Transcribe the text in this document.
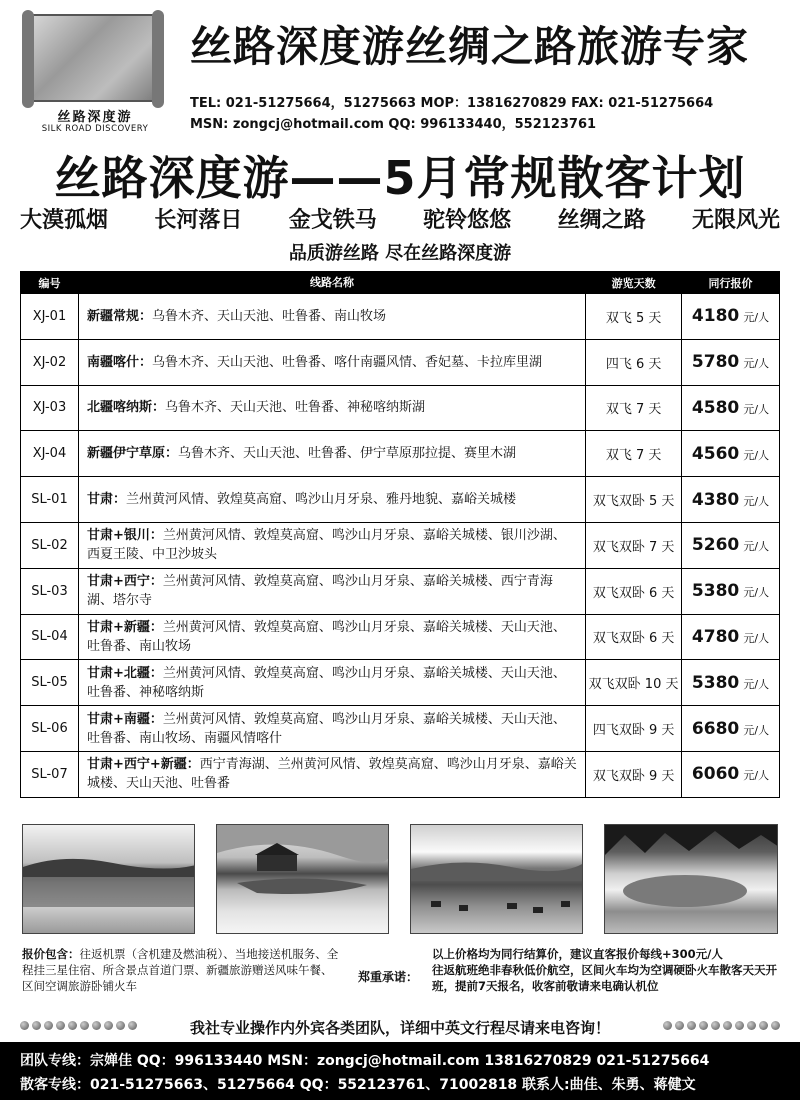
丝路深度游
SILK ROAD DISCOVERY
丝路深度游丝绸之路旅游专家
TEL: 021-51275664，51275663 MOP：13816270829 FAX: 021-51275664
MSN: zongcj@hotmail.com QQ: 996133440，552123761
丝路深度游——5月常规散客计划
大漠孤烟 长河落日 金戈铁马 驼铃悠悠 丝绸之路 无限风光
品质游丝路 尽在丝路深度游
编号	线路名称	游览天数	同行报价
XJ-01	新疆常规：乌鲁木齐、天山天池、吐鲁番、南山牧场	双飞 5 天	4180 元/人
XJ-02	南疆喀什：乌鲁木齐、天山天池、吐鲁番、喀什南疆风情、香妃墓、卡拉库里湖	四飞 6 天	5780 元/人
XJ-03	北疆喀纳斯：乌鲁木齐、天山天池、吐鲁番、神秘喀纳斯湖	双飞 7 天	4580 元/人
XJ-04	新疆伊宁草原：乌鲁木齐、天山天池、吐鲁番、伊宁草原那拉提、赛里木湖	双飞 7 天	4560 元/人
SL-01	甘肃：兰州黄河风情、敦煌莫高窟、鸣沙山月牙泉、雅丹地貌、嘉峪关城楼	双飞双卧 5 天	4380 元/人
SL-02	甘肃+银川：兰州黄河风情、敦煌莫高窟、鸣沙山月牙泉、嘉峪关城楼、银川沙湖、西夏王陵、中卫沙坡头	双飞双卧 7 天	5260 元/人
SL-03	甘肃+西宁：兰州黄河风情、敦煌莫高窟、鸣沙山月牙泉、嘉峪关城楼、西宁青海湖、塔尔寺	双飞双卧 6 天	5380 元/人
SL-04	甘肃+新疆：兰州黄河风情、敦煌莫高窟、鸣沙山月牙泉、嘉峪关城楼、天山天池、吐鲁番、南山牧场	双飞双卧 6 天	4780 元/人
SL-05	甘肃+北疆：兰州黄河风情、敦煌莫高窟、鸣沙山月牙泉、嘉峪关城楼、天山天池、吐鲁番、神秘喀纳斯	双飞双卧 10 天	5380 元/人
SL-06	甘肃+南疆：兰州黄河风情、敦煌莫高窟、鸣沙山月牙泉、嘉峪关城楼、天山天池、吐鲁番、南山牧场、南疆风情喀什	四飞双卧 9 天	6680 元/人
SL-07	甘肃+西宁+新疆：西宁青海湖、兰州黄河风情、敦煌莫高窟、鸣沙山月牙泉、嘉峪关城楼、天山天池、吐鲁番	双飞双卧 9 天	6060 元/人
报价包含：往返机票（含机建及燃油税）、当地接送机服务、全程挂三星住宿、所含景点首道门票、新疆旅游赠送风味午餐、区间空调旅游卧铺火车
以上价格均为同行结算价，建议直客报价每线+300元/人
郑重承诺： 往返航班绝非春秋低价航空，区间火车均为空调硬卧火车散客天天开班，提前7天报名，收客前敬请来电确认机位
我社专业操作内外宾各类团队，详细中英文行程尽请来电咨询！
团队专线：宗婵佳 QQ：996133440 MSN：zongcj@hotmail.com 13816270829 021-51275664
散客专线：021-51275663、51275664 QQ：552123761、71002818 联系人:曲佳、朱勇、蒋健文
